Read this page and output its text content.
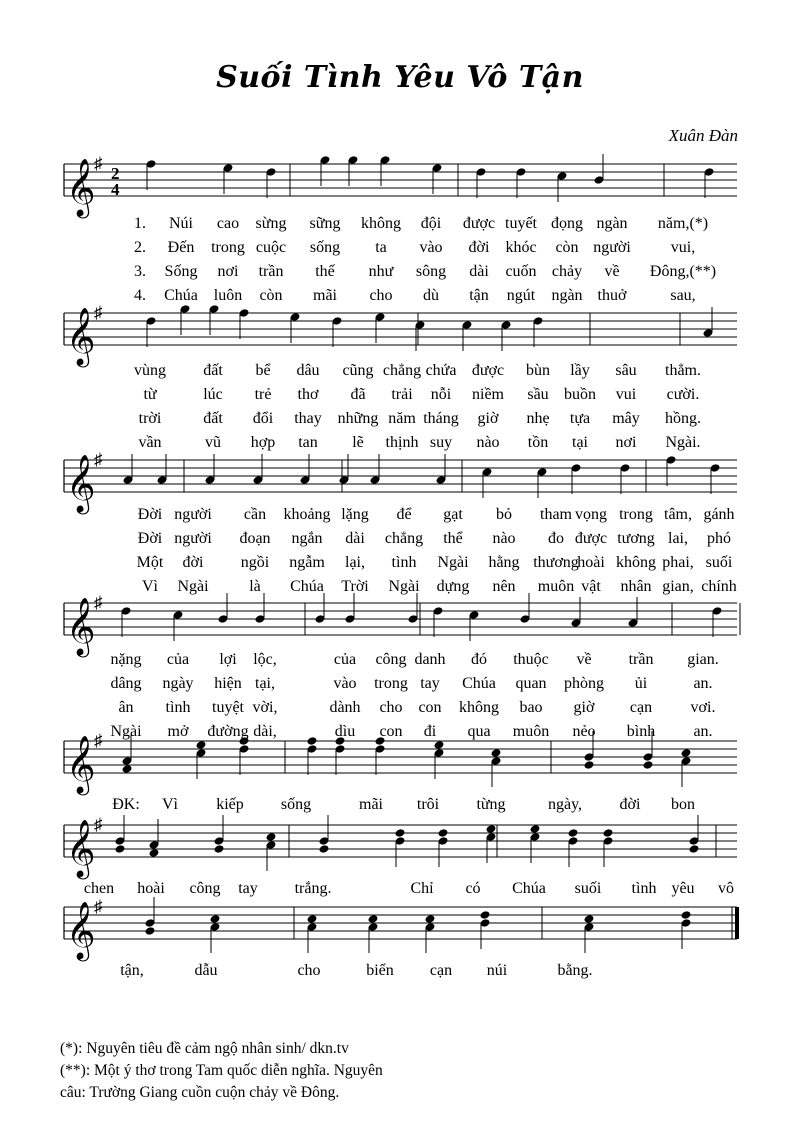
Suối Tình Yêu Vô Tận
Xuân Đàn
𝄞
♯
2
4
𝄞
♯
𝄞
♯
𝄞
♯
𝄞
♯
𝄞
♯
𝄞
♯
1. Núi cao sừng sững không đội được tuyết đọng ngàn năm,(*)
2. Đến trong cuộc sống ta vào đời khóc còn người vui,
3. Sống nơi trần thế như sông dài cuốn chảy về Đông,(**)
4. Chúa luôn còn mãi cho dù tận ngút ngàn thuở	sau,
vùng đất bể dâu cũng chẳng chứa được bùn lầy sâu thẳm.
từ	lúc trẻ thơ đã trải nỗi niềm sầu buồn vui cười.
trời	đất đổi thay những năm tháng giờ nhẹ tựa mây hồng.
vần	vũ hợp tan lẽ thịnh suy nào tồn tại nơi Ngài.
Đời người cần khoảng lặng để gạt bỏ tham vọng trong tâm, gánh
Đời người đoạn ngắn dài chẳng thể nào đo được tương lai, phó
Một đời ngồi ngẫm lại, tình Ngài hằng thương
hoài không phai, suối
Vì Ngài	là Chúa Trời Ngài dựng nên muôn vật nhân gian, chính
nặng của lợi lộc,	của công danh đó thuộc về trần gian.
dâng ngày hiện tại,	vào trong tay Chúa quan phòng ủi	an.
ân tình tuyệt vời,	dành cho con không bao giờ cạn vơi.
Ngài mở đường dài,	dìu con đi qua muôn nẻo bình an.
ĐK: Vì kiếp sống	mãi trôi từng	ngày, đời bon
chen hoài công tay trắng.	Chỉ có Chúa suối tình yêu vô
tận,	dẫu	cho	biển cạn núi	bằng.
(*): Nguyên tiêu đề cảm ngộ nhân sinh/ dkn.tv
(**): Một ý thơ trong Tam quốc diễn nghĩa. Nguyên
câu: Trường Giang cuồn cuộn chảy về Đông.
